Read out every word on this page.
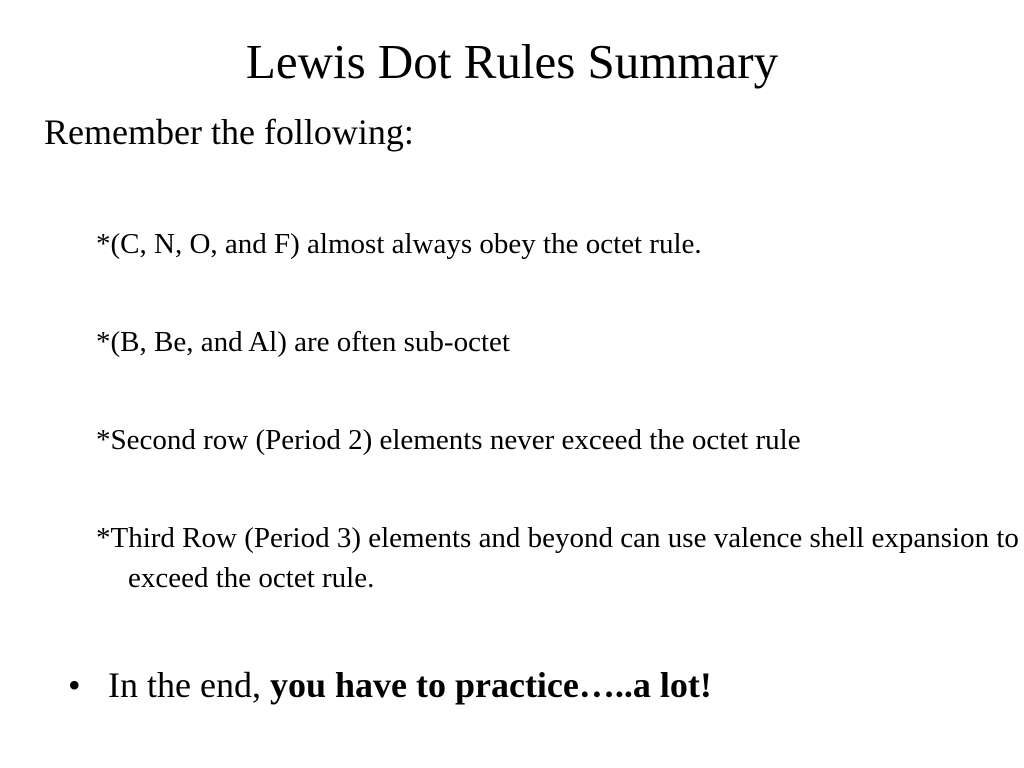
Lewis Dot Rules Summary
Remember the following:
*(C, N, O, and F) almost always obey the octet rule.
*(B, Be, and Al) are often sub-octet
*Second row (Period 2) elements never exceed the octet rule
*Third Row (Period 3) elements and beyond can use valence shell expansion to exceed the octet rule.
• In the end, you have to practice…..a lot!
